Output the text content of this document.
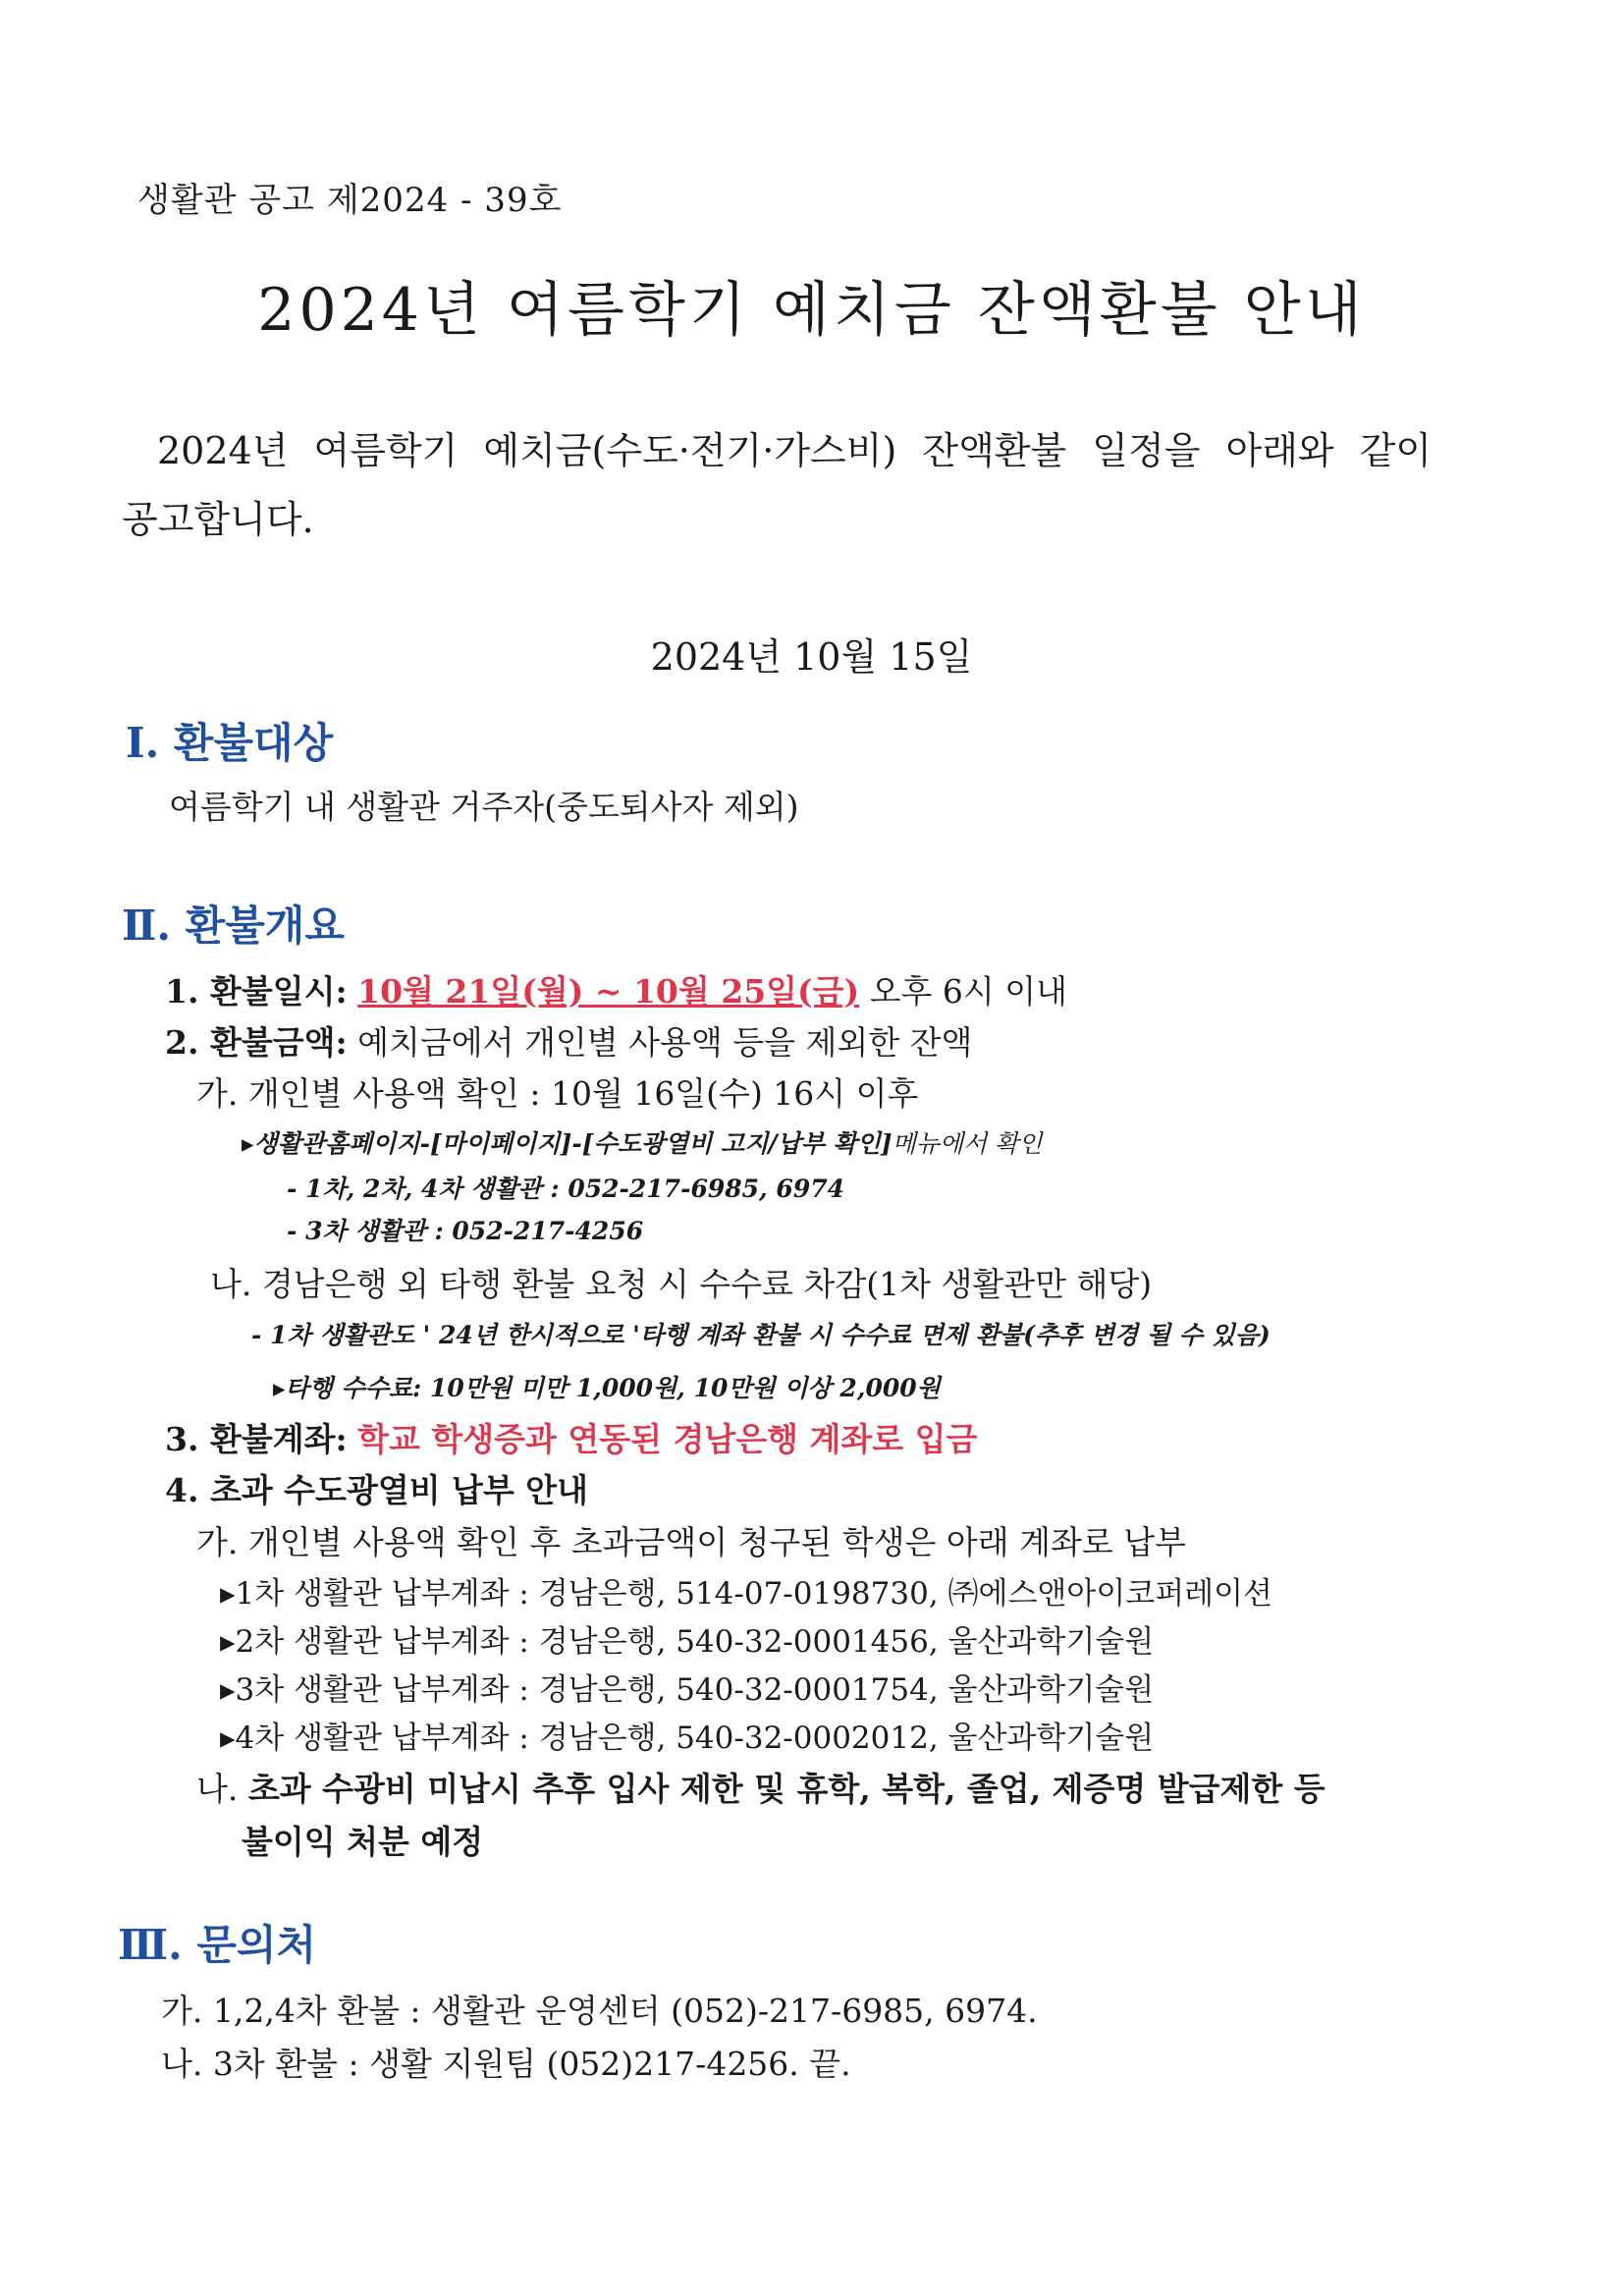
생활관 공고 제2024 - 39호
2024년 여름학기 예치금 잔액환불 안내
2024년 여름학기 예치금(수도·전기·가스비) 잔액환불 일정을 아래와 같이
공고합니다.
2024년 10월 15일
Ⅰ. 환불대상
여름학기 내 생활관 거주자(중도퇴사자 제외)
Ⅱ. 환불개요
1. 환불일시: 10월 21일(월) ~ 10월 25일(금) 오후 6시 이내
2. 환불금액: 예치금에서 개인별 사용액 등을 제외한 잔액
가. 개인별 사용액 확인 : 10월 16일(수) 16시 이후
▸생활관홈페이지-[마이페이지]-[수도광열비 고지/납부 확인]메뉴에서 확인
- 1차, 2차, 4차 생활관 : 052-217-6985, 6974
- 3차 생활관 : 052-217-4256
나. 경남은행 외 타행 환불 요청 시 수수료 차감(1차 생활관만 해당)
- 1차 생활관도 ' 24년 한시적으로 '타행 계좌 환불 시 수수료 면제 환불(추후 변경 될 수 있음)
▸타행 수수료: 10만원 미만 1,000원, 10만원 이상 2,000원
3. 환불계좌: 학교 학생증과 연동된 경남은행 계좌로 입금
4. 초과 수도광열비 납부 안내
가. 개인별 사용액 확인 후 초과금액이 청구된 학생은 아래 계좌로 납부
▸1차 생활관 납부계좌 : 경남은행, 514-07-0198730, ㈜에스앤아이코퍼레이션
▸2차 생활관 납부계좌 : 경남은행, 540-32-0001456, 울산과학기술원
▸3차 생활관 납부계좌 : 경남은행, 540-32-0001754, 울산과학기술원
▸4차 생활관 납부계좌 : 경남은행, 540-32-0002012, 울산과학기술원
나. 초과 수광비 미납시 추후 입사 제한 및 휴학, 복학, 졸업, 제증명 발급제한 등
불이익 처분 예정
Ⅲ. 문의처
가. 1,2,4차 환불 : 생활관 운영센터 (052)-217-6985, 6974.
나. 3차 환불 : 생활 지원팀 (052)217-4256. 끝.
